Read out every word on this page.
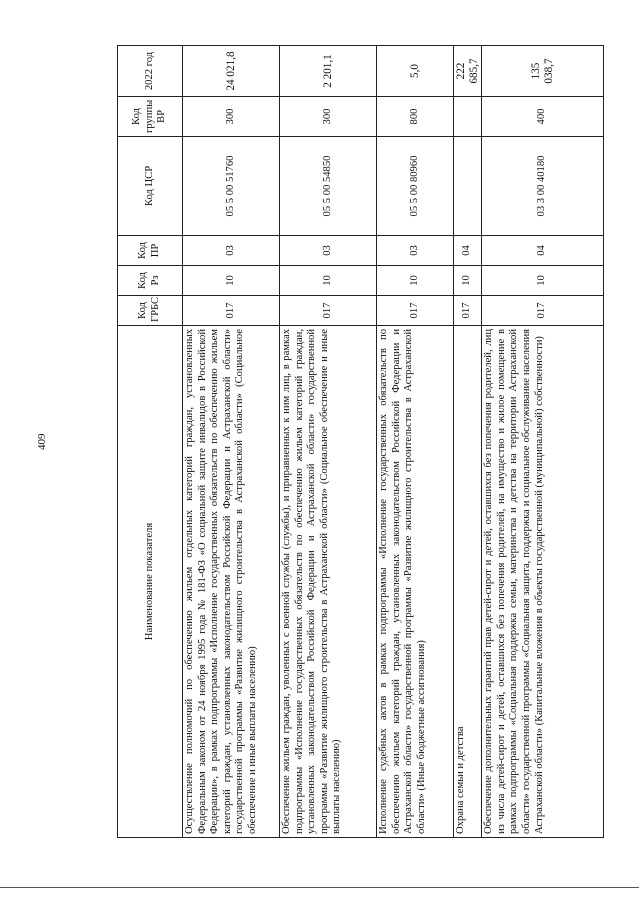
409
Наименование показателя	Код ГРБС	Код Рз	Код ПР	Код ЦСР	Код группы ВР	2022 год
Осуществление полномочий по обеспечению жильем отдельных категорий граждан, установленных Федеральным законом от 24 ноября 1995 года № 181-ФЗ «О социальной защите инвалидов в Российской Федерации», в рамках подпрограммы «Исполнение государственных обязательств по обеспечению жильем категорий граждан, установленных законодательством Российской Федерации и Астраханской области» государственной программы «Развитие жилищного строительства в Астраханской области» (Социальное обеспечение и иные выплаты населению)	017	10	03	05 5 00 51760	300	24 021,8
Обеспечение жильем граждан, уволенных с военной службы (службы), и приравненных к ним лиц, в рамках подпрограммы «Исполнение государственных обязательств по обеспечению жильем категорий граждан, установленных законодательством Российской Федерации и Астраханской области» государственной программы «Развитие жилищного строительства в Астраханской области» (Социальное обеспечение и иные выплаты населению)	017	10	03	05 5 00 54850	300	2 201,1
Исполнение судебных актов в рамках подпрограммы «Исполнение государственных обязательств по обеспечению жильем категорий граждан, установленных законодательством Российской Федерации и Астраханской области» государственной программы «Развитие жилищного строительства в Астраханской области» (Иные бюджетные ассигнования)	017	10	03	05 5 00 80960	800	5,0
Охрана семьи и детства	017	10	04			222 685,7
Обеспечение дополнительных гарантий прав детей-сирот и детей, оставшихся без попечения родителей, лиц из числа детей-сирот и детей, оставшихся без попечения родителей, на имущество и жилое помещение в рамках подпрограммы «Социальная поддержка семьи, материнства и детства на территории Астраханской области» государственной программы «Социальная защита, поддержка и социальное обслуживание населения Астраханской области» (Капитальные вложения в объекты государственной (муниципальной) собственности)	017	10	04	03 3 00 40180	400	135 038,7
